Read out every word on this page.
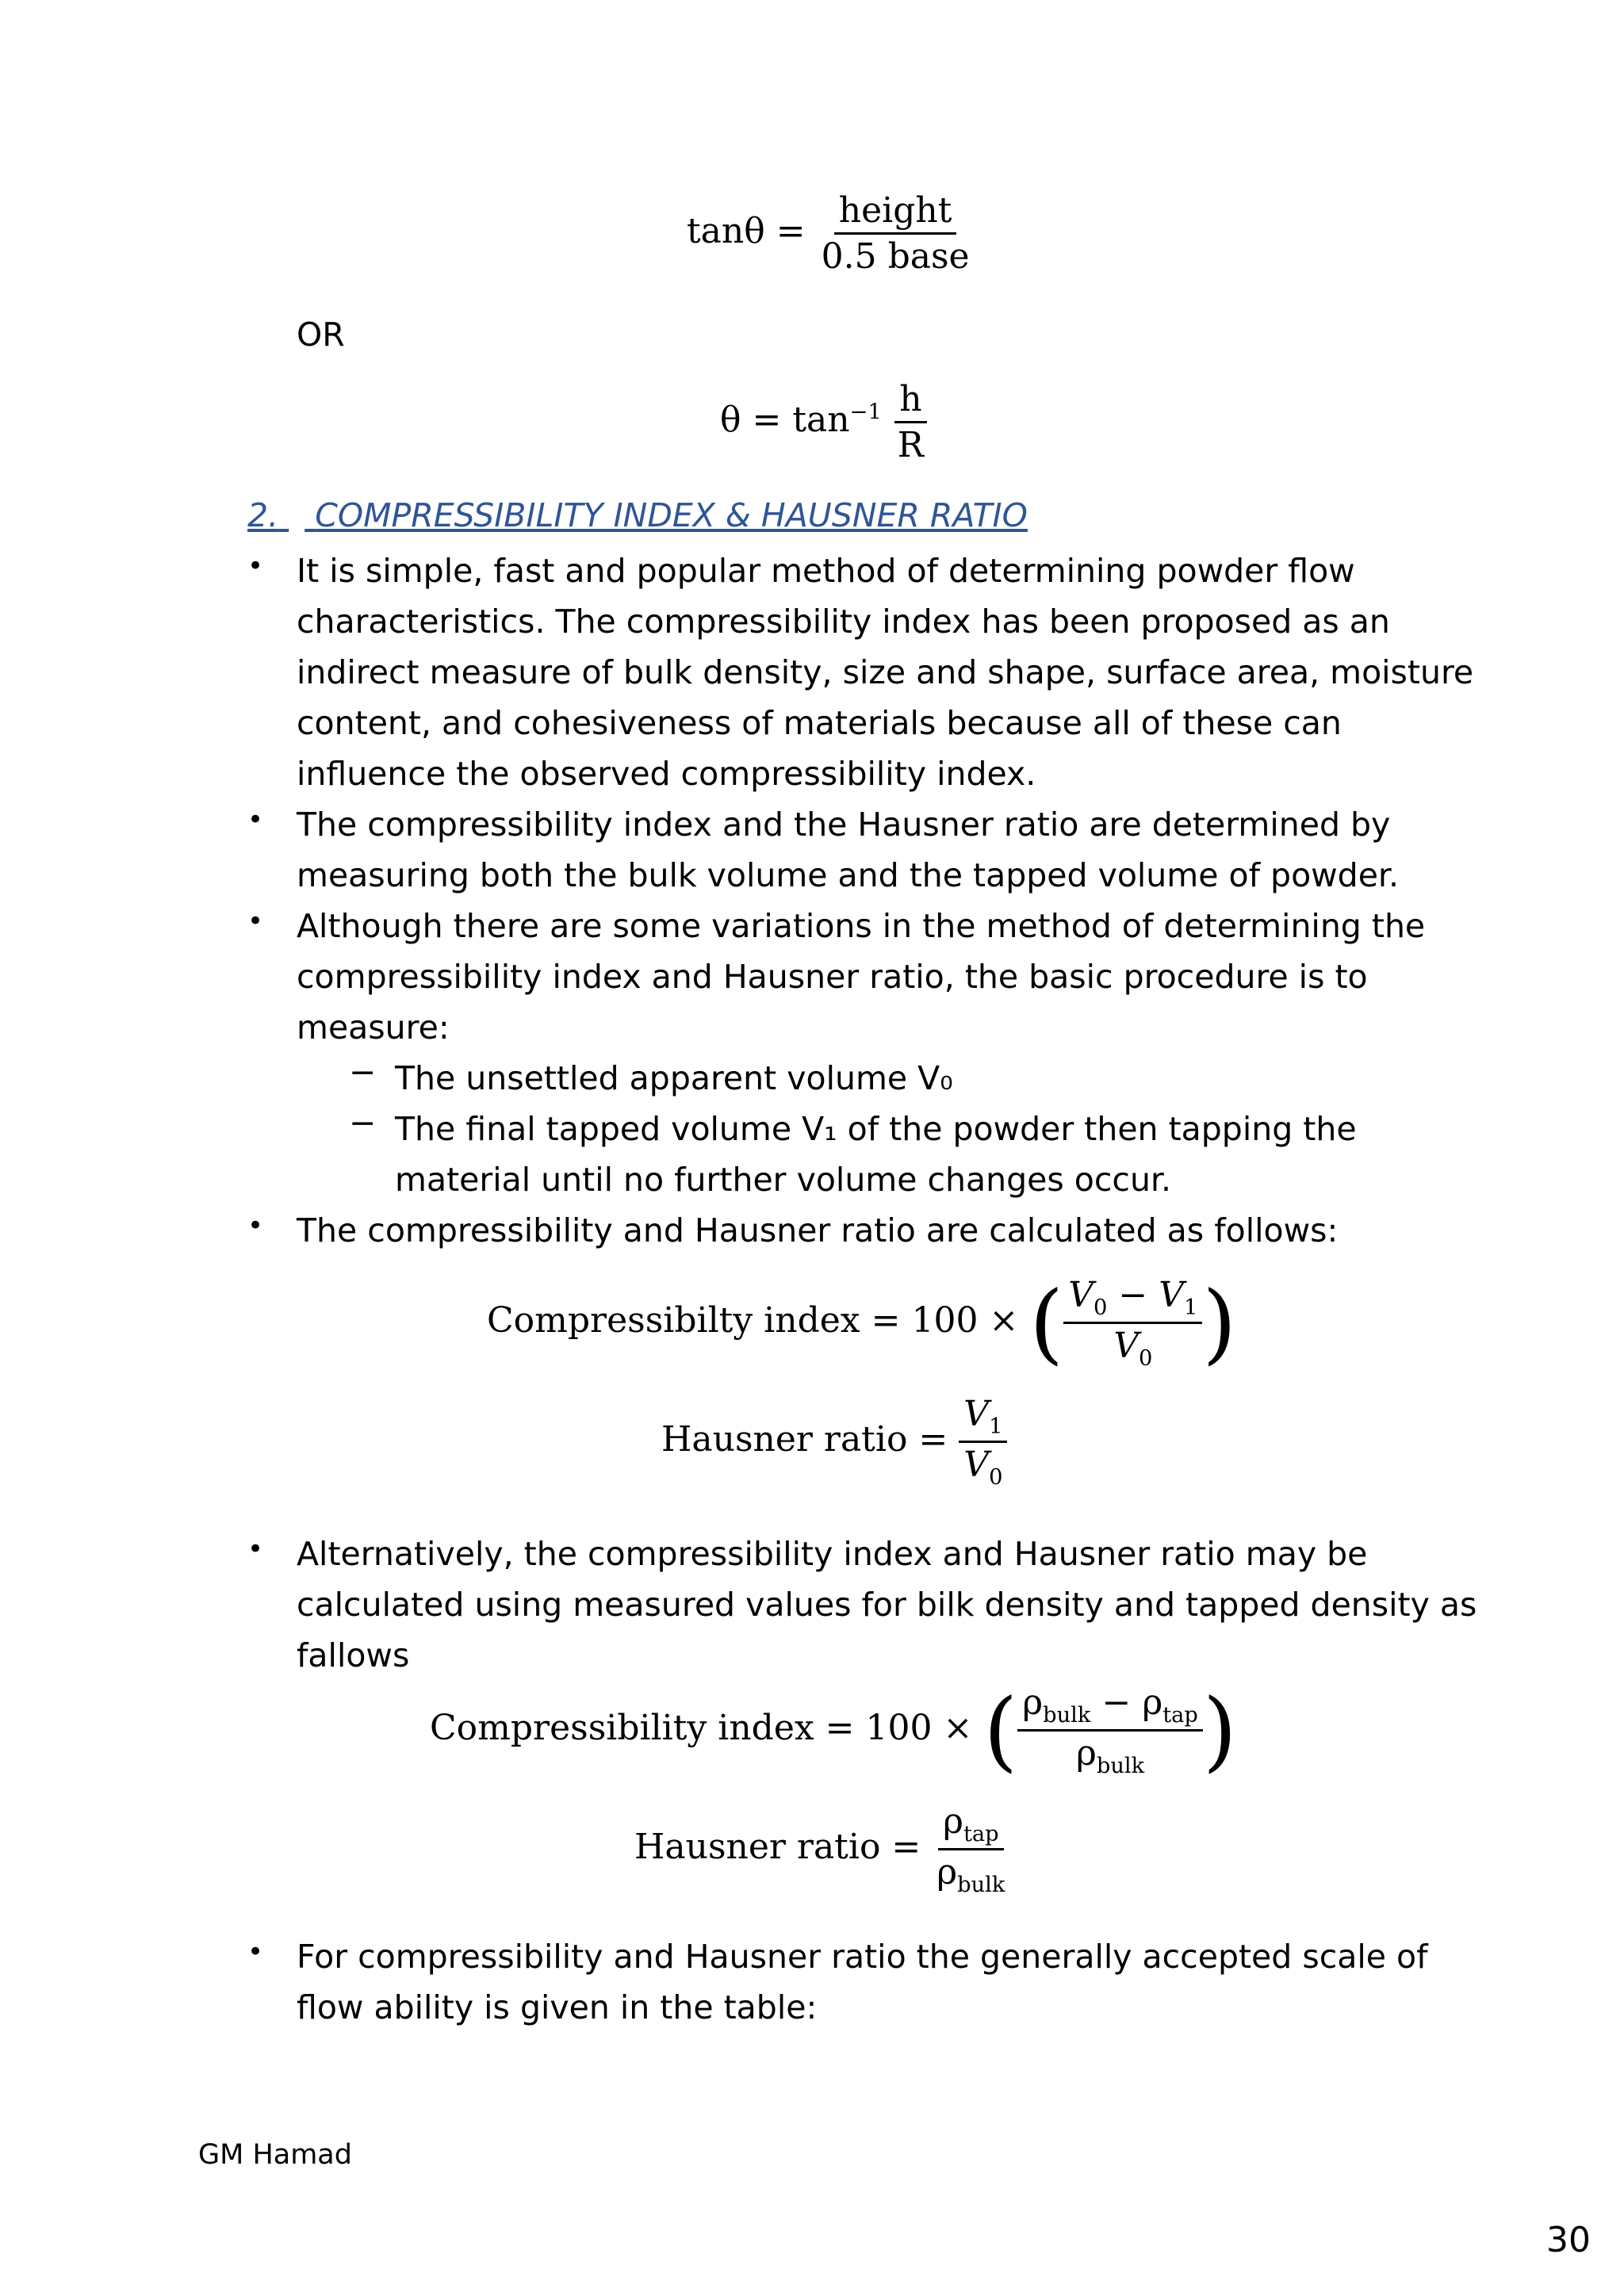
$\tan\theta = \frac{\text{height}}{\text{0.5 base}}$
OR
$\theta = \tan^{-1} \frac{h}{R}$
2. COMPRESSIBILITY INDEX & HAUSNER RATIO
• It is simple, fast and popular method of determining powder flow
characteristics. The compressibility index has been proposed as an
indirect measure of bulk density, size and shape, surface area, moisture
content, and cohesiveness of materials because all of these can
influence the observed compressibility index.
• The compressibility index and the Hausner ratio are determined by
measuring both the bulk volume and the tapped volume of powder.
• Although there are some variations in the method of determining the
compressibility index and Hausner ratio, the basic procedure is to
measure:
− The unsettled apparent volume V₀
− The final tapped volume V₁ of the powder then tapping the
material until no further volume changes occur.
• The compressibility and Hausner ratio are calculated as follows:
Compressibilty index = 100 × ( $\frac{V_0 - V_1}{V_0}$ )
Hausner ratio = $\frac{V_1}{V_0}$
• Alternatively, the compressibility index and Hausner ratio may be
calculated using measured values for bilk density and tapped density as
fallows
Compressibility index = 100 × ( $\frac{\rho_{bulk} - \rho_{tap}}{\rho_{bulk}}$ )
Hausner ratio = $\frac{\rho_{tap}}{\rho_{bulk}}$
• For compressibility and Hausner ratio the generally accepted scale of
flow ability is given in the table:
GM Hamad
30
